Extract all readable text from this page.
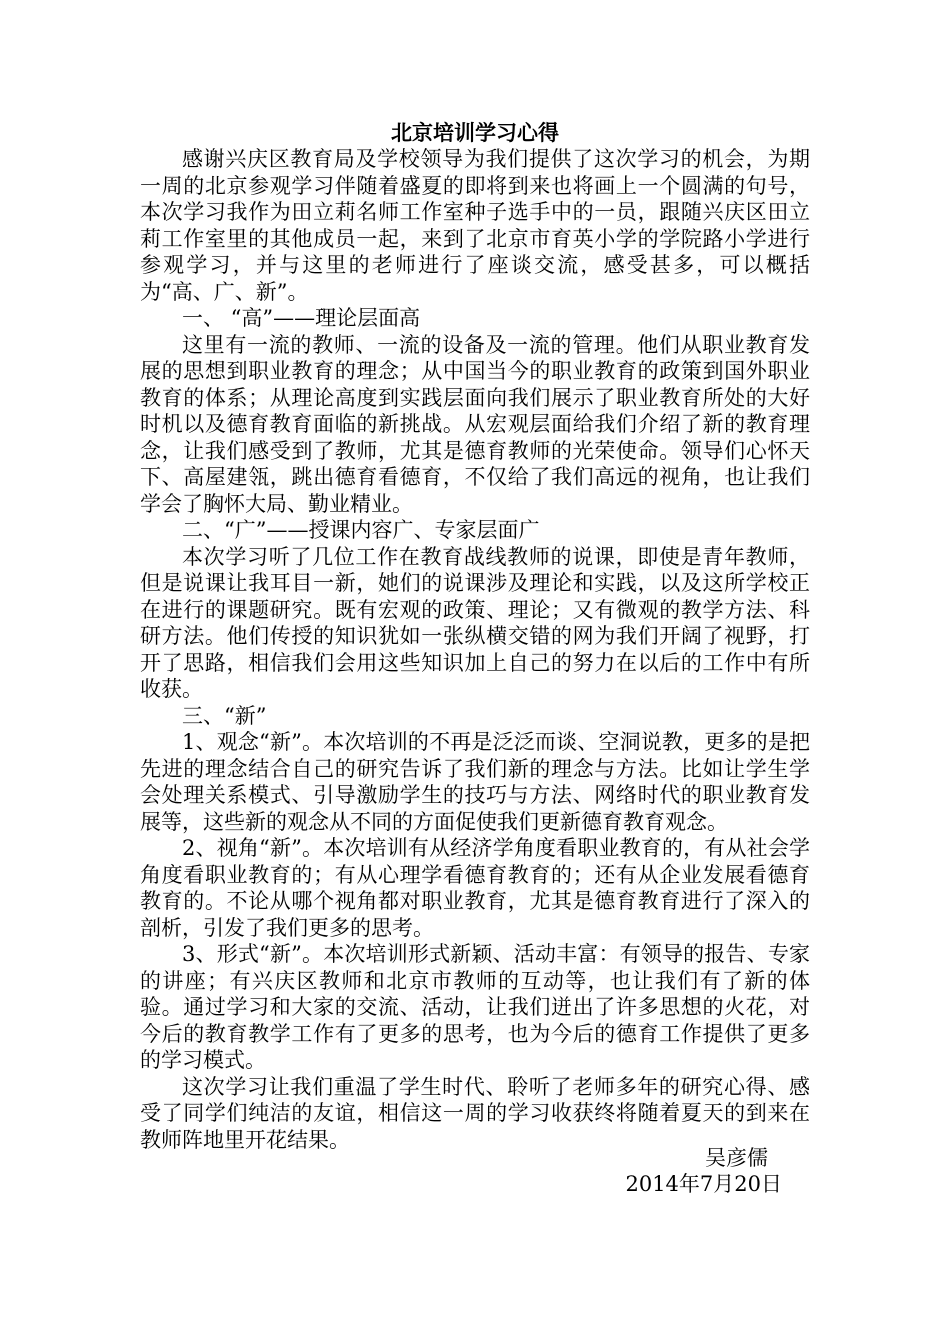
北京培训学习心得

感谢兴庆区教育局及学校领导为我们提供了这次学习的机会，为期一周的北京参观学习伴随着盛夏的即将到来也将画上一个圆满的句号，本次学习我作为田立莉名师工作室种子选手中的一员，跟随兴庆区田立莉工作室里的其他成员一起，来到了北京市育英小学的学院路小学进行参观学习，并与这里的老师进行了座谈交流，感受甚多，可以概括为“高、广、新”。

一、 “高”——理论层面高

这里有一流的教师、一流的设备及一流的管理。他们从职业教育发展的思想到职业教育的理念；从中国当今的职业教育的政策到国外职业教育的体系；从理论高度到实践层面向我们展示了职业教育所处的大好时机以及德育教育面临的新挑战。从宏观层面给我们介绍了新的教育理念，让我们感受到了教师，尤其是德育教师的光荣使命。领导们心怀天下、高屋建瓴，跳出德育看德育，不仅给了我们高远的视角，也让我们学会了胸怀大局、勤业精业。

二、“广”——授课内容广、专家层面广

本次学习听了几位工作在教育战线教师的说课，即使是青年教师，但是说课让我耳目一新，她们的说课涉及理论和实践，以及这所学校正在进行的课题研究。既有宏观的政策、理论；又有微观的教学方法、科研方法。他们传授的知识犹如一张纵横交错的网为我们开阔了视野，打开了思路，相信我们会用这些知识加上自己的努力在以后的工作中有所收获。

三、“新”

1、观念“新”。本次培训的不再是泛泛而谈、空洞说教，更多的是把先进的理念结合自己的研究告诉了我们新的理念与方法。比如让学生学会处理关系模式、引导激励学生的技巧与方法、网络时代的职业教育发展等，这些新的观念从不同的方面促使我们更新德育教育观念。

2、视角“新”。本次培训有从经济学角度看职业教育的，有从社会学角度看职业教育的；有从心理学看德育教育的；还有从企业发展看德育教育的。不论从哪个视角都对职业教育，尤其是德育教育进行了深入的剖析，引发了我们更多的思考。

3、形式“新”。本次培训形式新颖、活动丰富：有领导的报告、专家的讲座；有兴庆区教师和北京市教师的互动等，也让我们有了新的体验。通过学习和大家的交流、活动，让我们迸出了许多思想的火花，对今后的教育教学工作有了更多的思考，也为今后的德育工作提供了更多的学习模式。

这次学习让我们重温了学生时代、聆听了老师多年的研究心得、感受了同学们纯洁的友谊，相信这一周的学习收获终将随着夏天的到来在教师阵地里开花结果。

吴彦儒

2014年7月20日
